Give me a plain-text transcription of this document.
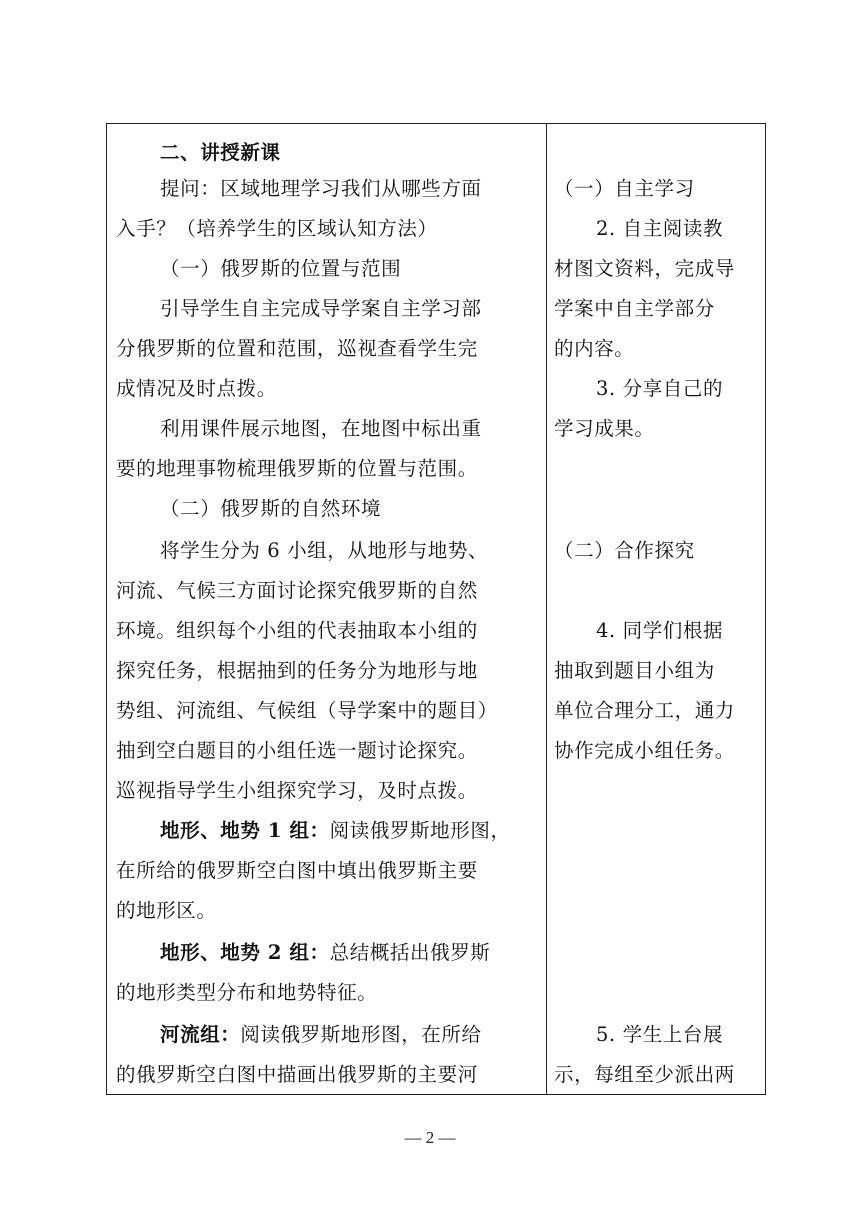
二、讲授新课
提问：区域地理学习我们从哪些方面
入手？（培养学生的区域认知方法）
（一）俄罗斯的位置与范围
引导学生自主完成导学案自主学习部
分俄罗斯的位置和范围，巡视查看学生完
成情况及时点拨。
利用课件展示地图，在地图中标出重
要的地理事物梳理俄罗斯的位置与范围。
（二）俄罗斯的自然环境
将学生分为 6 小组，从地形与地势、
河流、气候三方面讨论探究俄罗斯的自然
环境。组织每个小组的代表抽取本小组的
探究任务，根据抽到的任务分为地形与地
势组、河流组、气候组（导学案中的题目）
抽到空白题目的小组任选一题讨论探究。
巡视指导学生小组探究学习，及时点拨。
地形、地势 1 组：阅读俄罗斯地形图，
在所给的俄罗斯空白图中填出俄罗斯主要
的地形区。
地形、地势 2 组：总结概括出俄罗斯
的地形类型分布和地势特征。
河流组：阅读俄罗斯地形图，在所给
的俄罗斯空白图中描画出俄罗斯的主要河
（一）自主学习
2. 自主阅读教
材图文资料，完成导
学案中自主学部分
的内容。
3. 分享自己的
学习成果。
（二）合作探究
4. 同学们根据
抽取到题目小组为
单位合理分工，通力
协作完成小组任务。
5. 学生上台展
示，每组至少派出两
— 2 —
